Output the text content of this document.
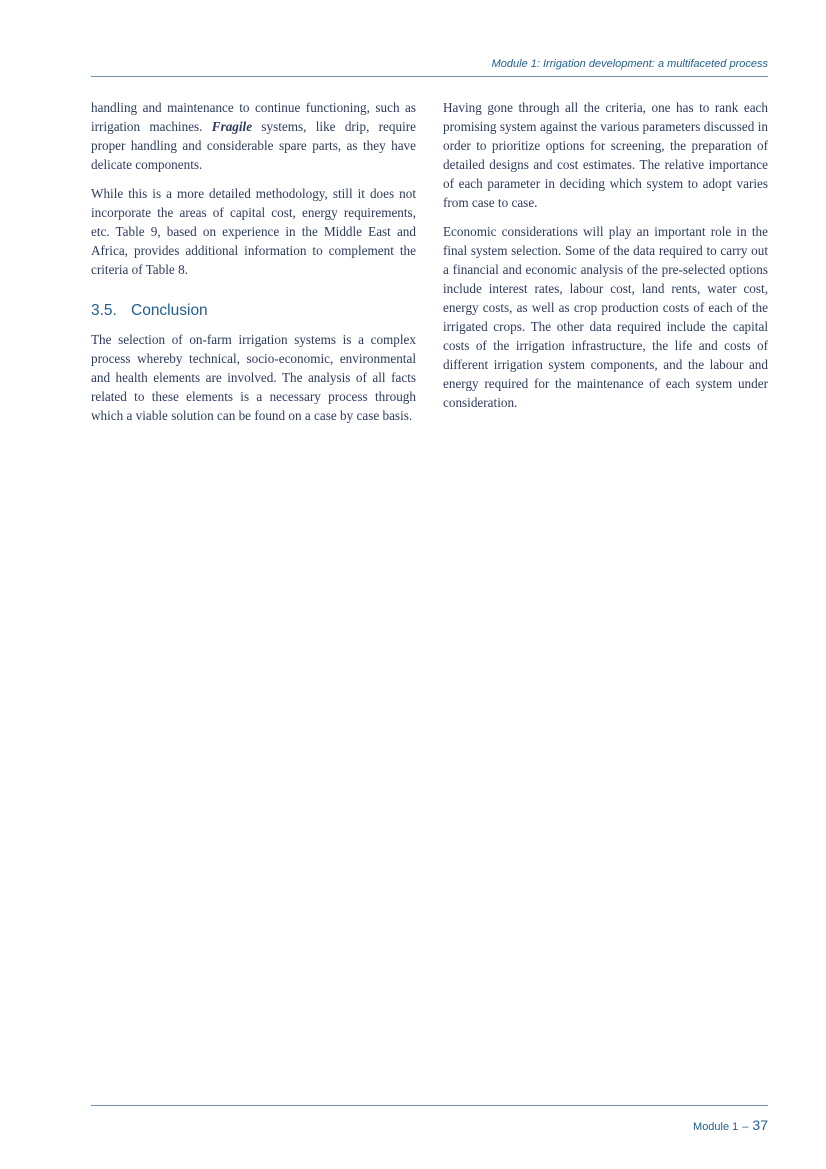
Module 1: Irrigation development: a multifaceted process

handling and maintenance to continue functioning, such as irrigation machines. Fragile systems, like drip, require proper handling and considerable spare parts, as they have delicate components.

While this is a more detailed methodology, still it does not incorporate the areas of capital cost, energy requirements, etc. Table 9, based on experience in the Middle East and Africa, provides additional information to complement the criteria of Table 8.

3.5. Conclusion

The selection of on-farm irrigation systems is a complex process whereby technical, socio-economic, environmental and health elements are involved. The analysis of all facts related to these elements is a necessary process through which a viable solution can be found on a case by case basis.

Having gone through all the criteria, one has to rank each promising system against the various parameters discussed in order to prioritize options for screening, the preparation of detailed designs and cost estimates. The relative importance of each parameter in deciding which system to adopt varies from case to case.

Economic considerations will play an important role in the final system selection. Some of the data required to carry out a financial and economic analysis of the pre-selected options include interest rates, labour cost, land rents, water cost, energy costs, as well as crop production costs of each of the irrigated crops. The other data required include the capital costs of the irrigation infrastructure, the life and costs of different irrigation system components, and the labour and energy required for the maintenance of each system under consideration.

Module 1 – 37
